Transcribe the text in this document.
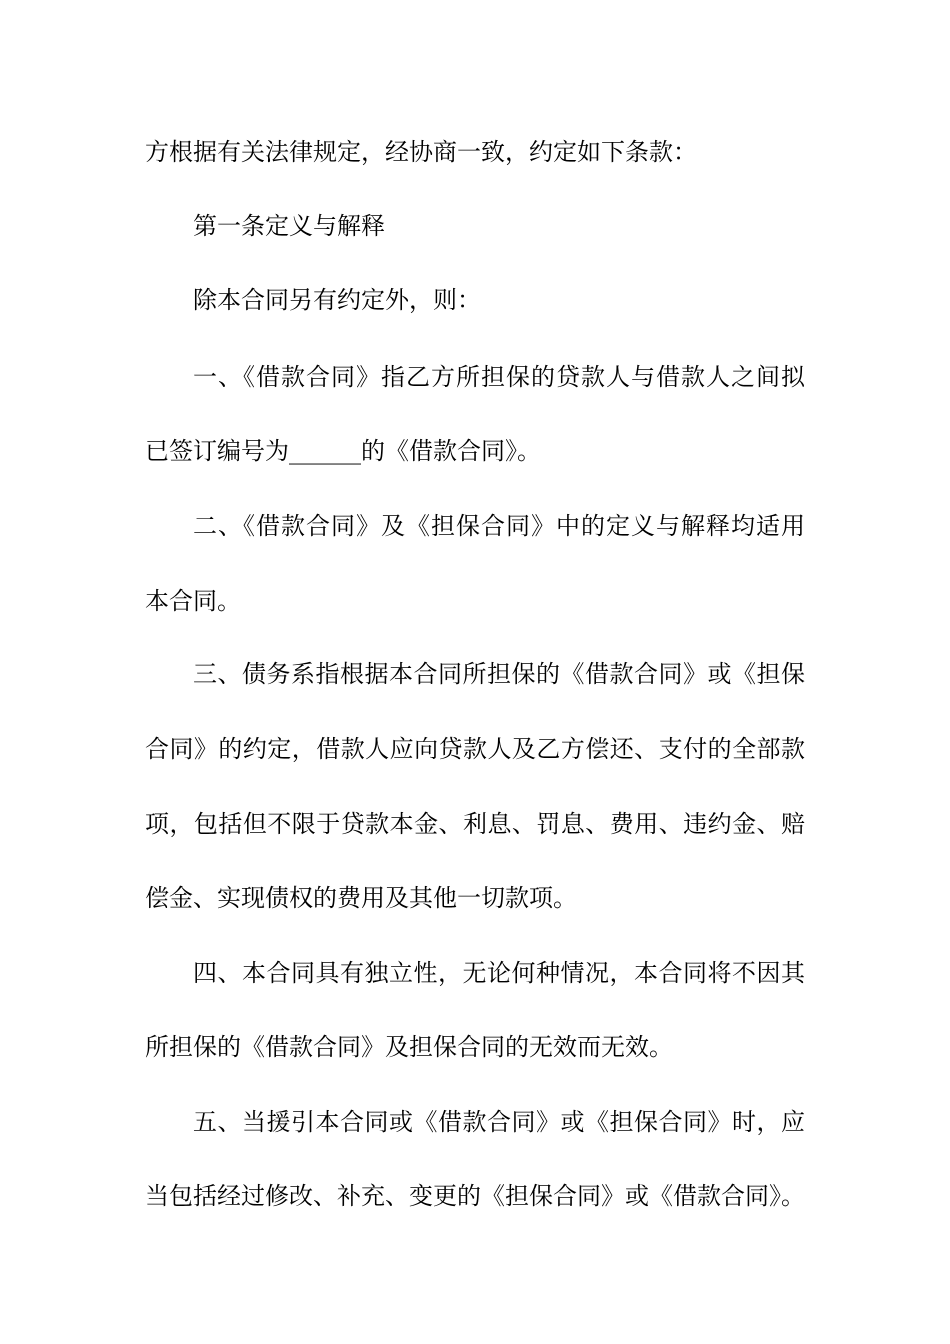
方根据有关法律规定，经协商一致，约定如下条款：

第一条定义与解释

除本合同另有约定外，则：

一、《借款合同》指乙方所担保的贷款人与借款人之间拟

已签订编号为______的《借款合同》。

二、《借款合同》及《担保合同》中的定义与解释均适用

本合同。

三、债务系指根据本合同所担保的《借款合同》或《担保

合同》的约定，借款人应向贷款人及乙方偿还、支付的全部款

项，包括但不限于贷款本金、利息、罚息、费用、违约金、赔

偿金、实现债权的费用及其他一切款项。

四、本合同具有独立性，无论何种情况，本合同将不因其

所担保的《借款合同》及担保合同的无效而无效。

五、当援引本合同或《借款合同》或《担保合同》时，应

当包括经过修改、补充、变更的《担保合同》或《借款合同》。
